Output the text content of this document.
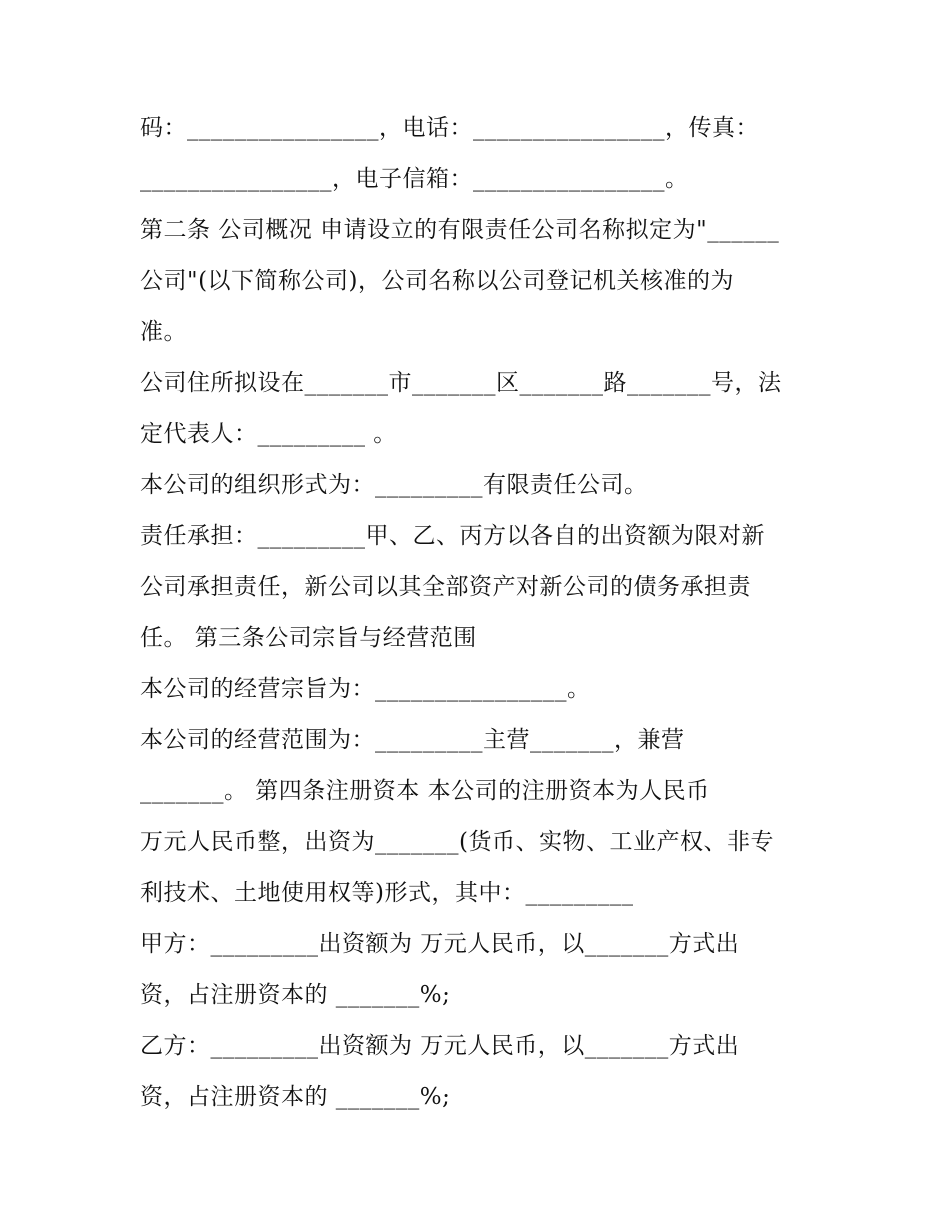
码：________________，电话：________________，传真：
________________，电子信箱：________________。
第二条 公司概况 申请设立的有限责任公司名称拟定为"______
公司"(以下简称公司)，公司名称以公司登记机关核准的为
准。
公司住所拟设在_______市_______区_______路_______号，法
定代表人：_________ 。
本公司的组织形式为：_________有限责任公司。
责任承担：_________甲、乙、丙方以各自的出资额为限对新
公司承担责任，新公司以其全部资产对新公司的债务承担责
任。 第三条公司宗旨与经营范围
本公司的经营宗旨为：________________。
本公司的经营范围为：_________主营_______，兼营
_______。 第四条注册资本 本公司的注册资本为人民币
万元人民币整，出资为_______(货币、实物、工业产权、非专
利技术、土地使用权等)形式，其中：_________
甲方：_________出资额为 万元人民币，以_______方式出
资，占注册资本的 _______%;
乙方：_________出资额为 万元人民币，以_______方式出
资，占注册资本的 _______%;
